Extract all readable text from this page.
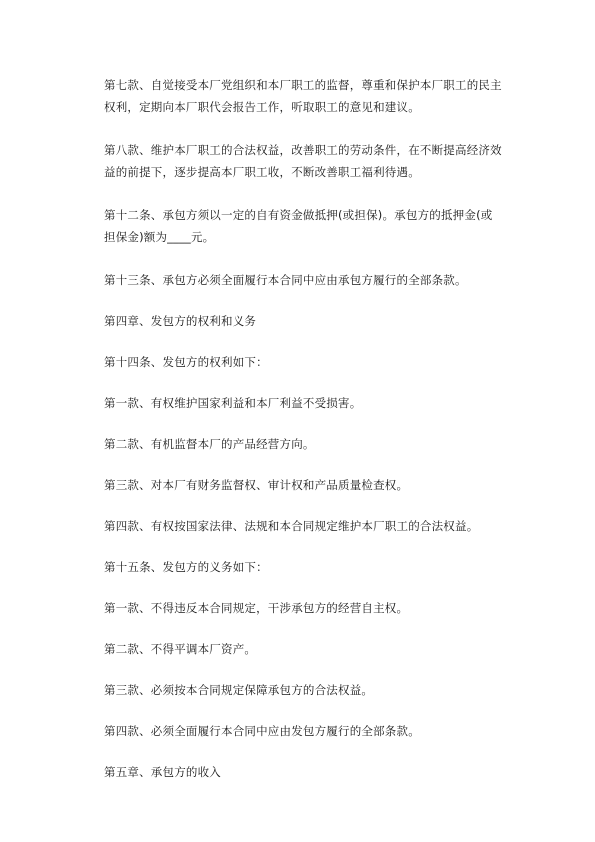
第七款、自觉接受本厂党组织和本厂职工的监督，尊重和保护本厂职工的民主权利，定期向本厂职代会报告工作，听取职工的意见和建议。

第八款、维护本厂职工的合法权益，改善职工的劳动条件，在不断提高经济效益的前提下，逐步提高本厂职工收，不断改善职工福利待遇。

第十二条、承包方须以一定的自有资金做抵押(或担保)。承包方的抵押金(或担保金)额为____元。

第十三条、承包方必须全面履行本合同中应由承包方履行的全部条款。

第四章、发包方的权利和义务

第十四条、发包方的权利如下：

第一款、有权维护国家利益和本厂利益不受损害。

第二款、有机监督本厂的产品经营方向。

第三款、对本厂有财务监督权、审计权和产品质量检查权。

第四款、有权按国家法律、法规和本合同规定维护本厂职工的合法权益。

第十五条、发包方的义务如下：

第一款、不得违反本合同规定，干涉承包方的经营自主权。

第二款、不得平调本厂资产。

第三款、必须按本合同规定保障承包方的合法权益。

第四款、必须全面履行本合同中应由发包方履行的全部条款。

第五章、承包方的收入
